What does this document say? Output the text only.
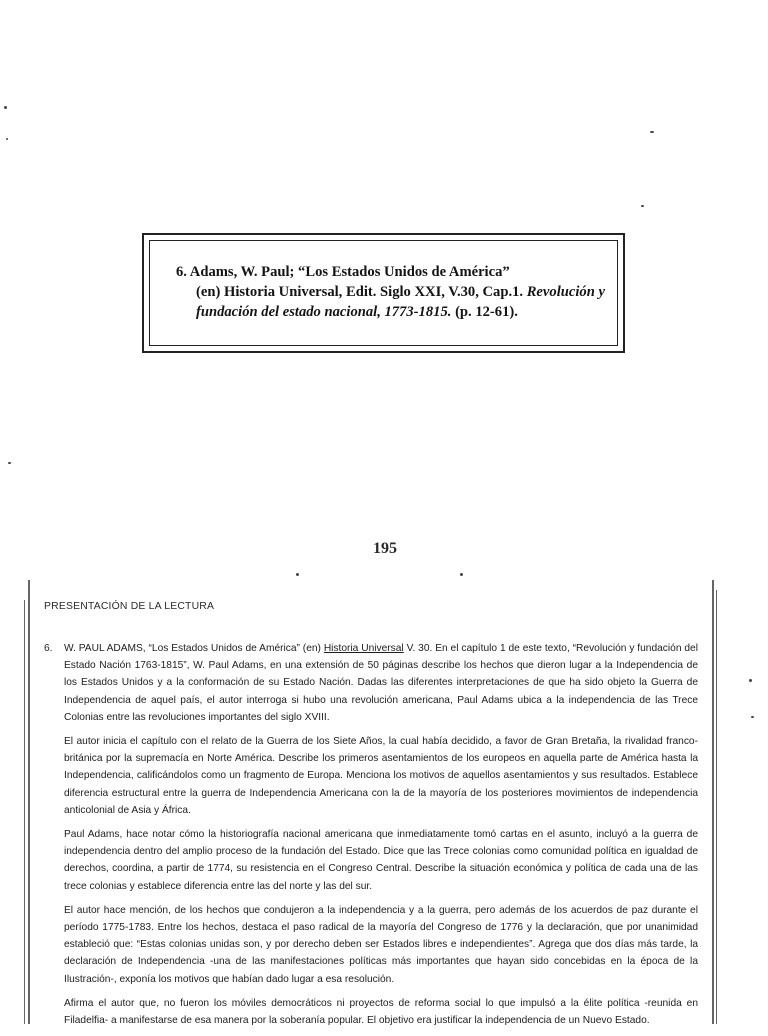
6. Adams, W. Paul; “Los Estados Unidos de América”
(en) Historia Universal, Edit. Siglo XXI, V.30, Cap.1. Revolución y
fundación del estado nacional, 1773-1815. (p. 12-61).
195
PRESENTACIÓN DE LA LECTURA
6.	W. PAUL ADAMS, “Los Estados Unidos de América” (en) Historia Universal V. 30. En el capítulo 1 de este texto, “Revolución y fundación del Estado Nación 1763-1815”, W. Paul Adams, en una extensión de 50 páginas describe los hechos que dieron lugar a la Independencia de los Estados Unidos y a la conformación de su Estado Nación. Dadas las diferentes interpretaciones de que ha sido objeto la Guerra de Independencia de aquel país, el autor interroga si hubo una revolución americana, Paul Adams ubica a la independencia de las Trece Colonias entre las revoluciones importantes del siglo XVIII.

El autor inicia el capítulo con el relato de la Guerra de los Siete Años, la cual había decidido, a favor de Gran Bretaña, la rivalidad franco-británica por la supremacía en Norte América. Describe los primeros asentamientos de los europeos en aquella parte de América hasta la Independencia, calificándolos como un fragmento de Europa. Menciona los motivos de aquellos asentamientos y sus resultados. Establece diferencia estructural entre la guerra de Independencia Americana con la de la mayoría de los posteriores movimientos de independencia anticolonial de Asia y África.

Paul Adams, hace notar cómo la historiografía nacional americana que inmediatamente tomó cartas en el asunto, incluyó a la guerra de independencia dentro del amplio proceso de la fundación del Estado. Dice que las Trece colonias como comunidad política en igualdad de derechos, coordina, a partir de 1774, su resistencia en el Congreso Central. Describe la situación económica y política de cada una de las trece colonias y establece diferencia entre las del norte y las del sur.

El autor hace mención, de los hechos que condujeron a la independencia y a la guerra, pero además de los acuerdos de paz durante el período 1775-1783. Entre los hechos, destaca el paso radical de la mayoría del Congreso de 1776 y la declaración, que por unanimidad estableció que: “Estas colonias unidas son, y por derecho deben ser Estados libres e independientes”. Agrega que dos días más tarde, la declaración de Independencia -una de las manifestaciones políticas más importantes que hayan sido concebidas en la época de la Ilustración-, exponía los motivos que habían dado lugar a esa resolución.

Afirma el autor que, no fueron los móviles democráticos ni proyectos de reforma social lo que impulsó a la élite política -reunida en Filadelfia- a manifestarse de esa manera por la soberanía popular. El objetivo era justificar la independencia de un Nuevo Estado.
